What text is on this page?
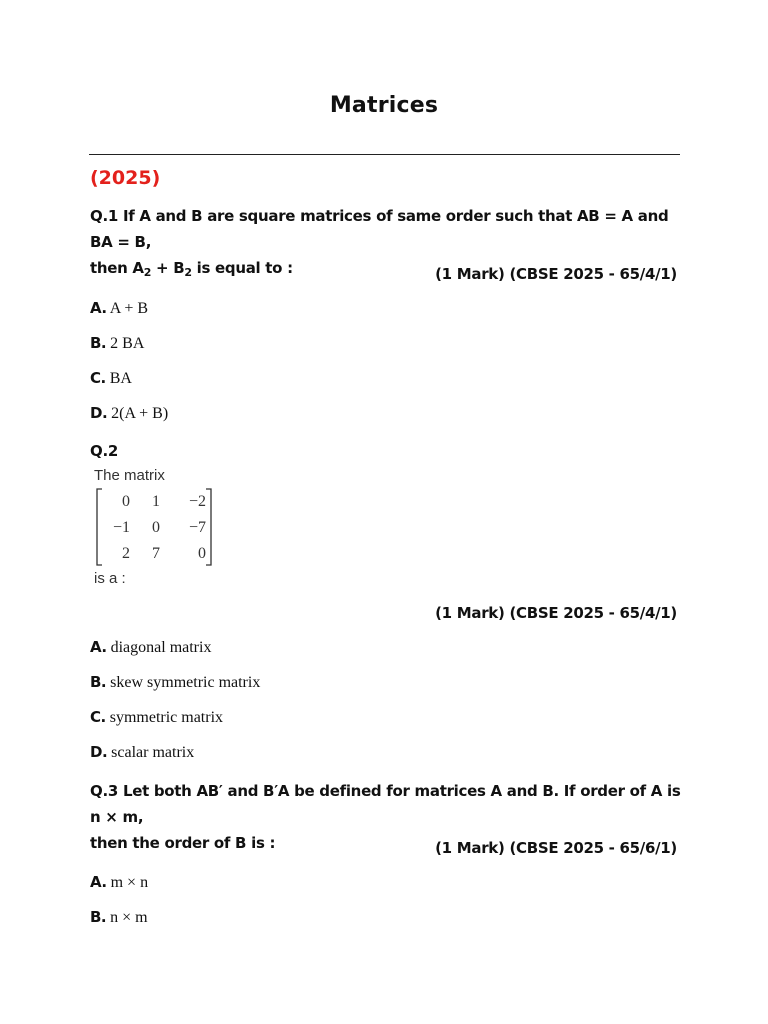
Matrices
(2025)
Q.1 If A and B are square matrices of same order such that AB = A and BA = B,
then $A_2 + B_2$ is equal to :	(1 Mark) (CBSE 2025 - 65/4/1)
A. A + B
B. 2 BA
C. BA
D. 2(A + B)
Q.2
The matrix
0 1 −2
−1 0 −7
2 7 0
is a :
(1 Mark) (CBSE 2025 - 65/4/1)
A. diagonal matrix
B. skew symmetric matrix
C. symmetric matrix
D. scalar matrix
Q.3 Let both AB′ and B′A be defined for matrices A and B. If order of A is n × m,
then the order of B is :	(1 Mark) (CBSE 2025 - 65/6/1)
A. m × n
B. n × m
